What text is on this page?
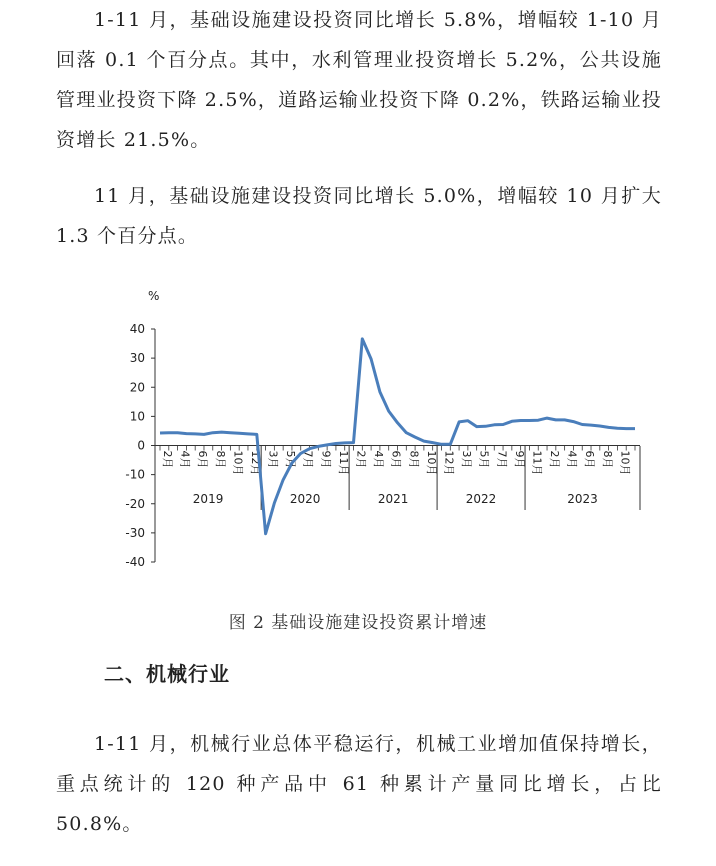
1-11 月，基础设施建设投资同比增长 5.8%，增幅较 1-10 月回落 0.1 个百分点。其中，水利管理业投资增长 5.2%，公共设施管理业投资下降 2.5%，道路运输业投资下降 0.2%，铁路运输业投资增长 21.5%。

11 月，基础设施建设投资同比增长 5.0%，增幅较 10 月扩大 1.3 个百分点。

40
30
20
10
0
-10
-20
-30
-40
%
2月 4月 6月 8月 10月 12月 3月 5月 7月 9月 11月 2月 4月 6月 8月 10月 12月 3月 5月 7月 9月 11月 2月 4月 6月 8月 10月
2019	2020	2021	2022	2023

图 2 基础设施建设投资累计增速

二、机械行业

1-11 月，机械行业总体平稳运行，机械工业增加值保持增长，重点统计的 120 种产品中 61 种累计产量同比增长，占比 50.8%。
